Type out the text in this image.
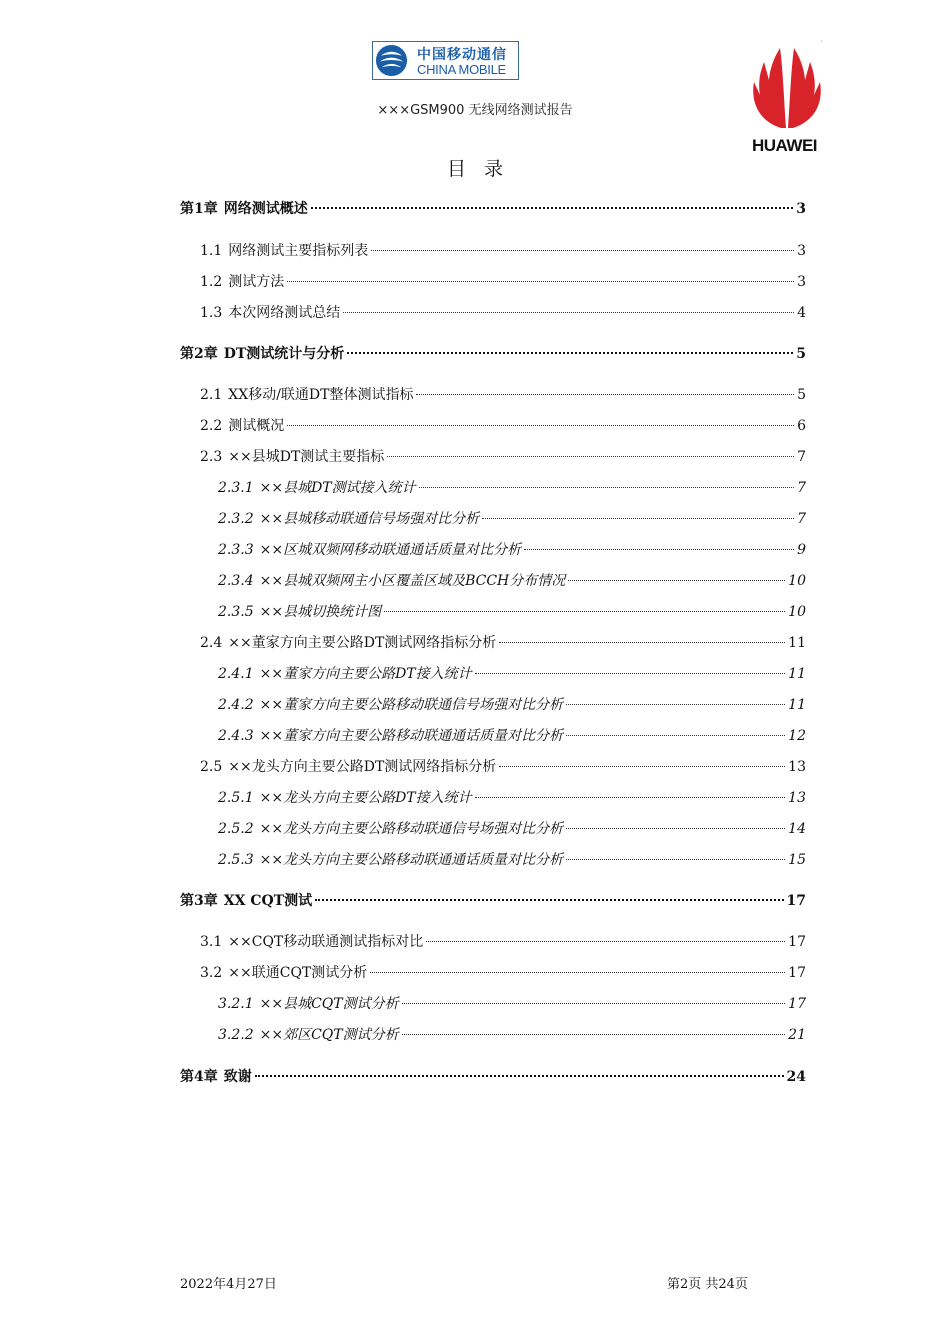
中国移动通信
CHINA MOBILE
·
HUAWEI
×××GSM900 无线网络测试报告
目录
第1章 网络测试概述	3
1.1 网络测试主要指标列表	3
1.2 测试方法	3
1.3 本次网络测试总结	4
第2章 DT测试统计与分析	5
2.1 XX移动/联通DT整体测试指标	5
2.2 测试概况	6
2.3 ××县城DT测试主要指标	7
2.3.1 ××县城DT测试接入统计	7
2.3.2 ××县城移动联通信号场强对比分析	7
2.3.3 ××区城双频网移动联通通话质量对比分析	9
2.3.4 ××县城双频网主小区覆盖区域及BCCH分布情况	10
2.3.5 ××县城切换统计图	10
2.4 ××董家方向主要公路DT测试网络指标分析	11
2.4.1 ××董家方向主要公路DT接入统计	11
2.4.2 ××董家方向主要公路移动联通信号场强对比分析	11
2.4.3 ××董家方向主要公路移动联通通话质量对比分析	12
2.5 ××龙头方向主要公路DT测试网络指标分析	13
2.5.1 ××龙头方向主要公路DT接入统计	13
2.5.2 ××龙头方向主要公路移动联通信号场强对比分析	14
2.5.3 ××龙头方向主要公路移动联通通话质量对比分析	15
第3章 XX CQT测试	17
3.1 ××CQT移动联通测试指标对比	17
3.2 ××联通CQT测试分析	17
3.2.1 ××县城CQT测试分析	17
3.2.2 ××郊区CQT测试分析	21
第4章 致谢	24
2022年4月27日	第2页 共24页
